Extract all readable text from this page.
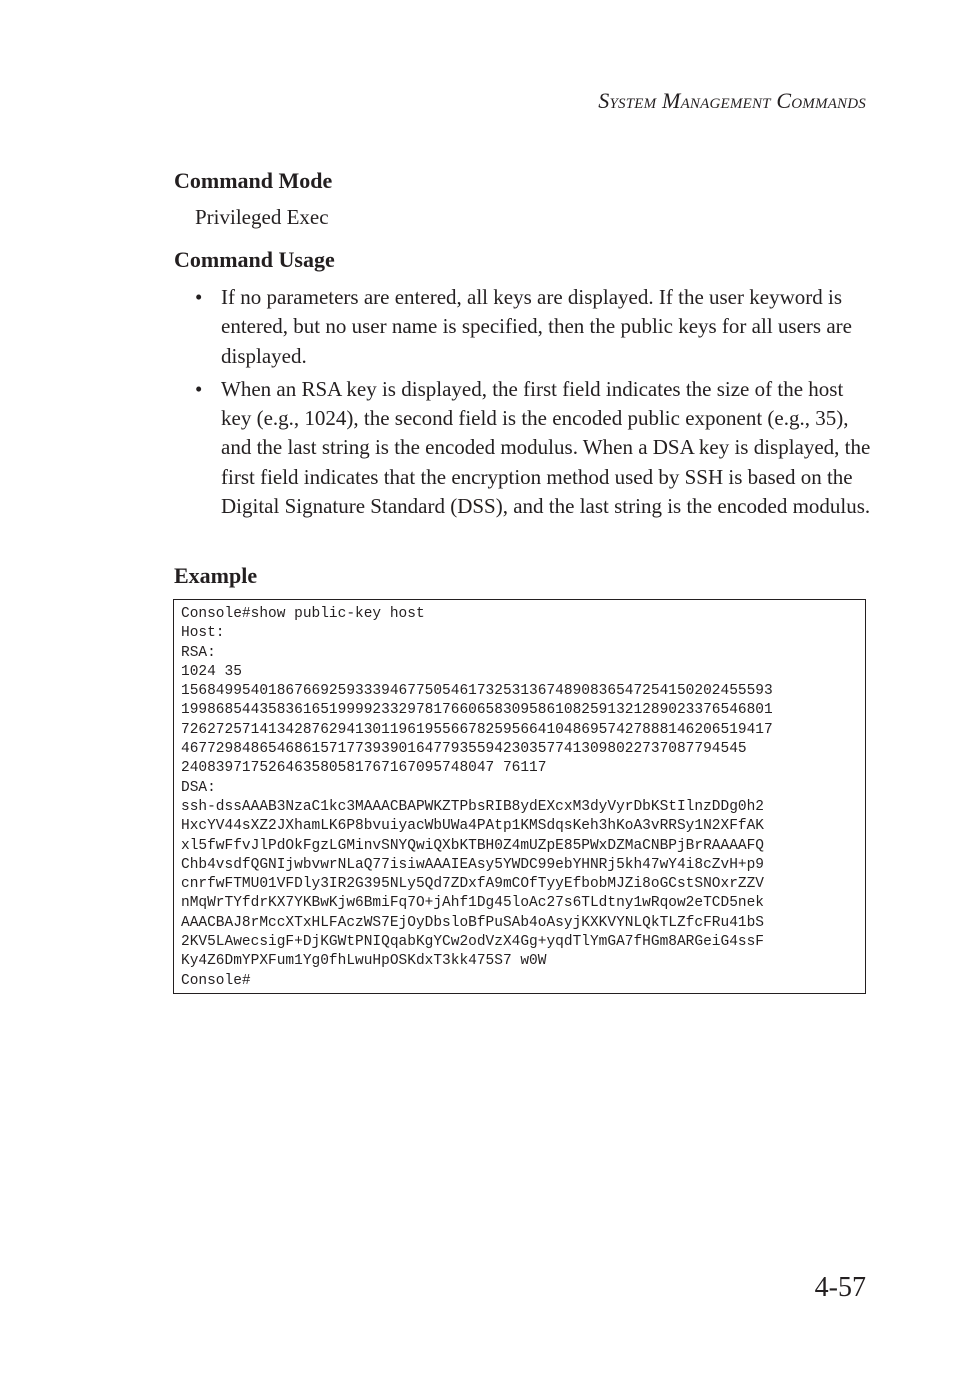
System Management Commands
Command Mode
Privileged Exec
Command Usage
• If no parameters are entered, all keys are displayed. If the user keyword is entered, but no user name is specified, then the public keys for all users are displayed.
• When an RSA key is displayed, the first field indicates the size of the host key (e.g., 1024), the second field is the encoded public exponent (e.g., 35), and the last string is the encoded modulus. When a DSA key is displayed, the first field indicates that the encryption method used by SSH is based on the Digital Signature Standard (DSS), and the last string is the encoded modulus.
Example
Console#show public-key host
Host:
RSA:
1024 35
15684995401867669259333946775054617325313674890836547254150202455593
19986854435836165199992332978176606583095861082591321289023376546801
72627257141342876294130119619556678259566410486957427888146206519417
46772984865468615717739390164779355942303577413098022737087794545
240839717526463580581767167095748047 76117
DSA:
ssh-dssAAAB3NzaC1kc3MAAACBAPWKZTPbsRIB8ydEXcxM3dyVyrDbKStIlnzDDg0h2
HxcYV44sXZ2JXhamLK6P8bvuiyacWbUWa4PAtp1KMSdqsKeh3hKoA3vRRSy1N2XFfAK
xl5fwFfvJlPdOkFgzLGMinvSNYQwiQXbKTBH0Z4mUZpE85PWxDZMaCNBPjBrRAAAAFQ
Chb4vsdfQGNIjwbvwrNLaQ77isiwAAAIEAsy5YWDC99ebYHNRj5kh47wY4i8cZvH+p9
cnrfwFTMU01VFDly3IR2G395NLy5Qd7ZDxfA9mCOfTyyEfbobMJZi8oGCstSNOxrZZV
nMqWrTYfdrKX7YKBwKjw6BmiFq7O+jAhf1Dg45loAc27s6TLdtny1wRqow2eTCD5nek
AAACBAJ8rMccXTxHLFAczWS7EjOyDbsloBfPuSAb4oAsyjKXKVYNLQkTLZfcFRu41bS
2KV5LAwecsigF+DjKGWtPNIQqabKgYCw2odVzX4Gg+yqdTlYmGA7fHGm8ARGeiG4ssF
Ky4Z6DmYPXFum1Yg0fhLwuHpOSKdxT3kk475S7 w0W
Console#
4-57
